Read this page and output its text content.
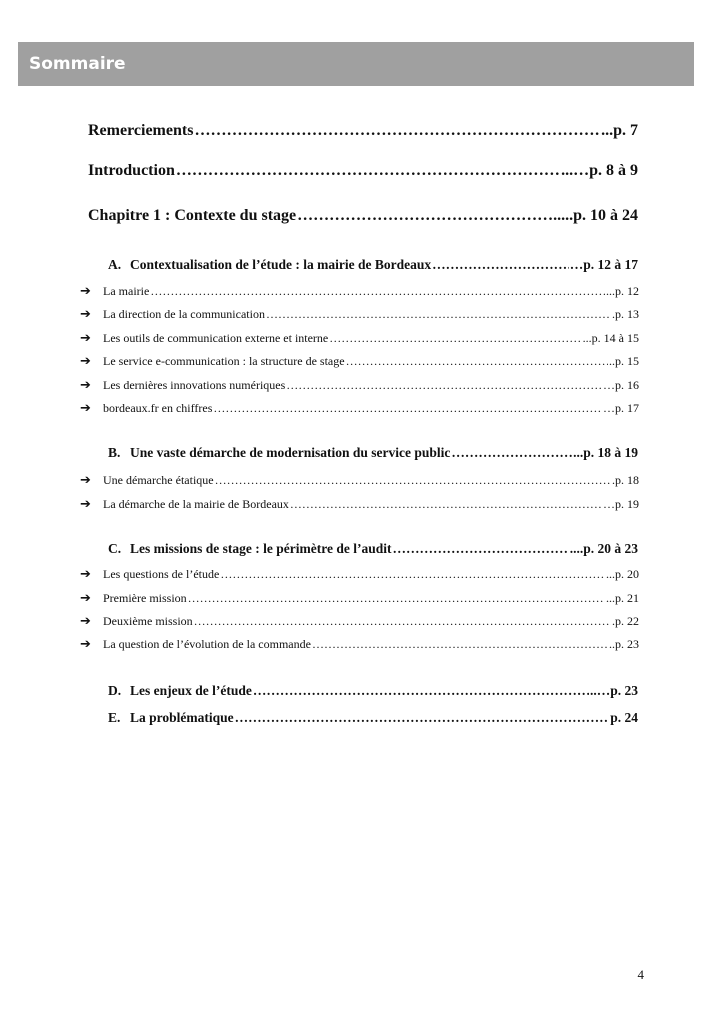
Sommaire
Remerciements ……………………………………………………………………………………………………………………………………………………………………………………………………………………	...p. 7
Introduction ……………………………………………………………………………………………………………………………………………………………………………………………………………………	...…p. 8 à 9
Chapitre 1 : Contexte du stage ……………………………………………………………………………………………………………………………………………………………………………………………………………………	.....p. 10 à 24
A. Contextualisation de l’étude : la mairie de Bordeaux ……………………………………………………………………………………………………………………………………………………………………………………………………………………	…p. 12 à 17
➔	La mairie ……………………………………………………………………………………………………………………………………………………………………………………………………………………	...p. 12
➔	La direction de la communication ……………………………………………………………………………………………………………………………………………………………………………………………………………………	.p. 13
➔	Les outils de communication externe et interne ……………………………………………………………………………………………………………………………………………………………………………………………………………………	...p. 14 à 15
➔	Le service e-communication : la structure de stage ……………………………………………………………………………………………………………………………………………………………………………………………………………………	..p. 15
➔	Les dernières innovations numériques ……………………………………………………………………………………………………………………………………………………………………………………………………………………	…p. 16
➔	bordeaux.fr en chiffres ……………………………………………………………………………………………………………………………………………………………………………………………………………………	…p. 17
B. Une vaste démarche de modernisation du service public ……………………………………………………………………………………………………………………………………………………………………………………………………………………	...p. 18 à 19
➔	Une démarche étatique ……………………………………………………………………………………………………………………………………………………………………………………………………………………	.p. 18
➔	La démarche de la mairie de Bordeaux ……………………………………………………………………………………………………………………………………………………………………………………………………………………	…p. 19
C. Les missions de stage : le périmètre de l’audit ……………………………………………………………………………………………………………………………………………………………………………………………………………………	....p. 20 à 23
➔	Les questions de l’étude ……………………………………………………………………………………………………………………………………………………………………………………………………………………	...p. 20
➔	Première mission ……………………………………………………………………………………………………………………………………………………………………………………………………………………	...p. 21
➔	Deuxième mission ……………………………………………………………………………………………………………………………………………………………………………………………………………………	.p. 22
➔	La question de l’évolution de la commande ……………………………………………………………………………………………………………………………………………………………………………………………………………………	..p. 23
D. Les enjeux de l’étude ……………………………………………………………………………………………………………………………………………………………………………………………………………………	..…p. 23
E. La problématique ……………………………………………………………………………………………………………………………………………………………………………………………………………………	p. 24
4
